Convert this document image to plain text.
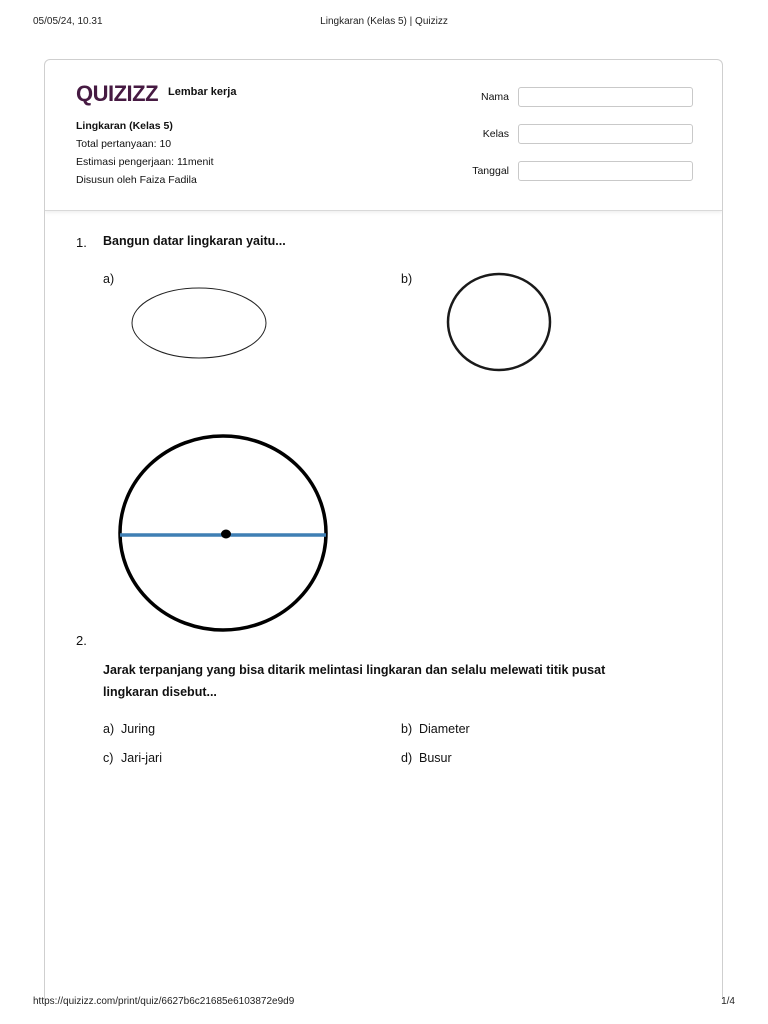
05/05/24, 10.31	Lingkaran (Kelas 5) | Quizizz
QUIZIZZ Lembar kerja
Lingkaran (Kelas 5)
Total pertanyaan: 10
Estimasi pengerjaan: 11menit
Disusun oleh Faiza Fadila
Nama
Kelas
Tanggal
1. Bangun datar lingkaran yaitu...
a)	b)
2.
Jarak terpanjang yang bisa ditarik melintasi lingkaran dan selalu melewati titik pusat
lingkaran disebut...
a) Juring	b) Diameter
c) Jari-jari	d) Busur
https://quizizz.com/print/quiz/6627b6c21685e6103872e9d9	1/4
